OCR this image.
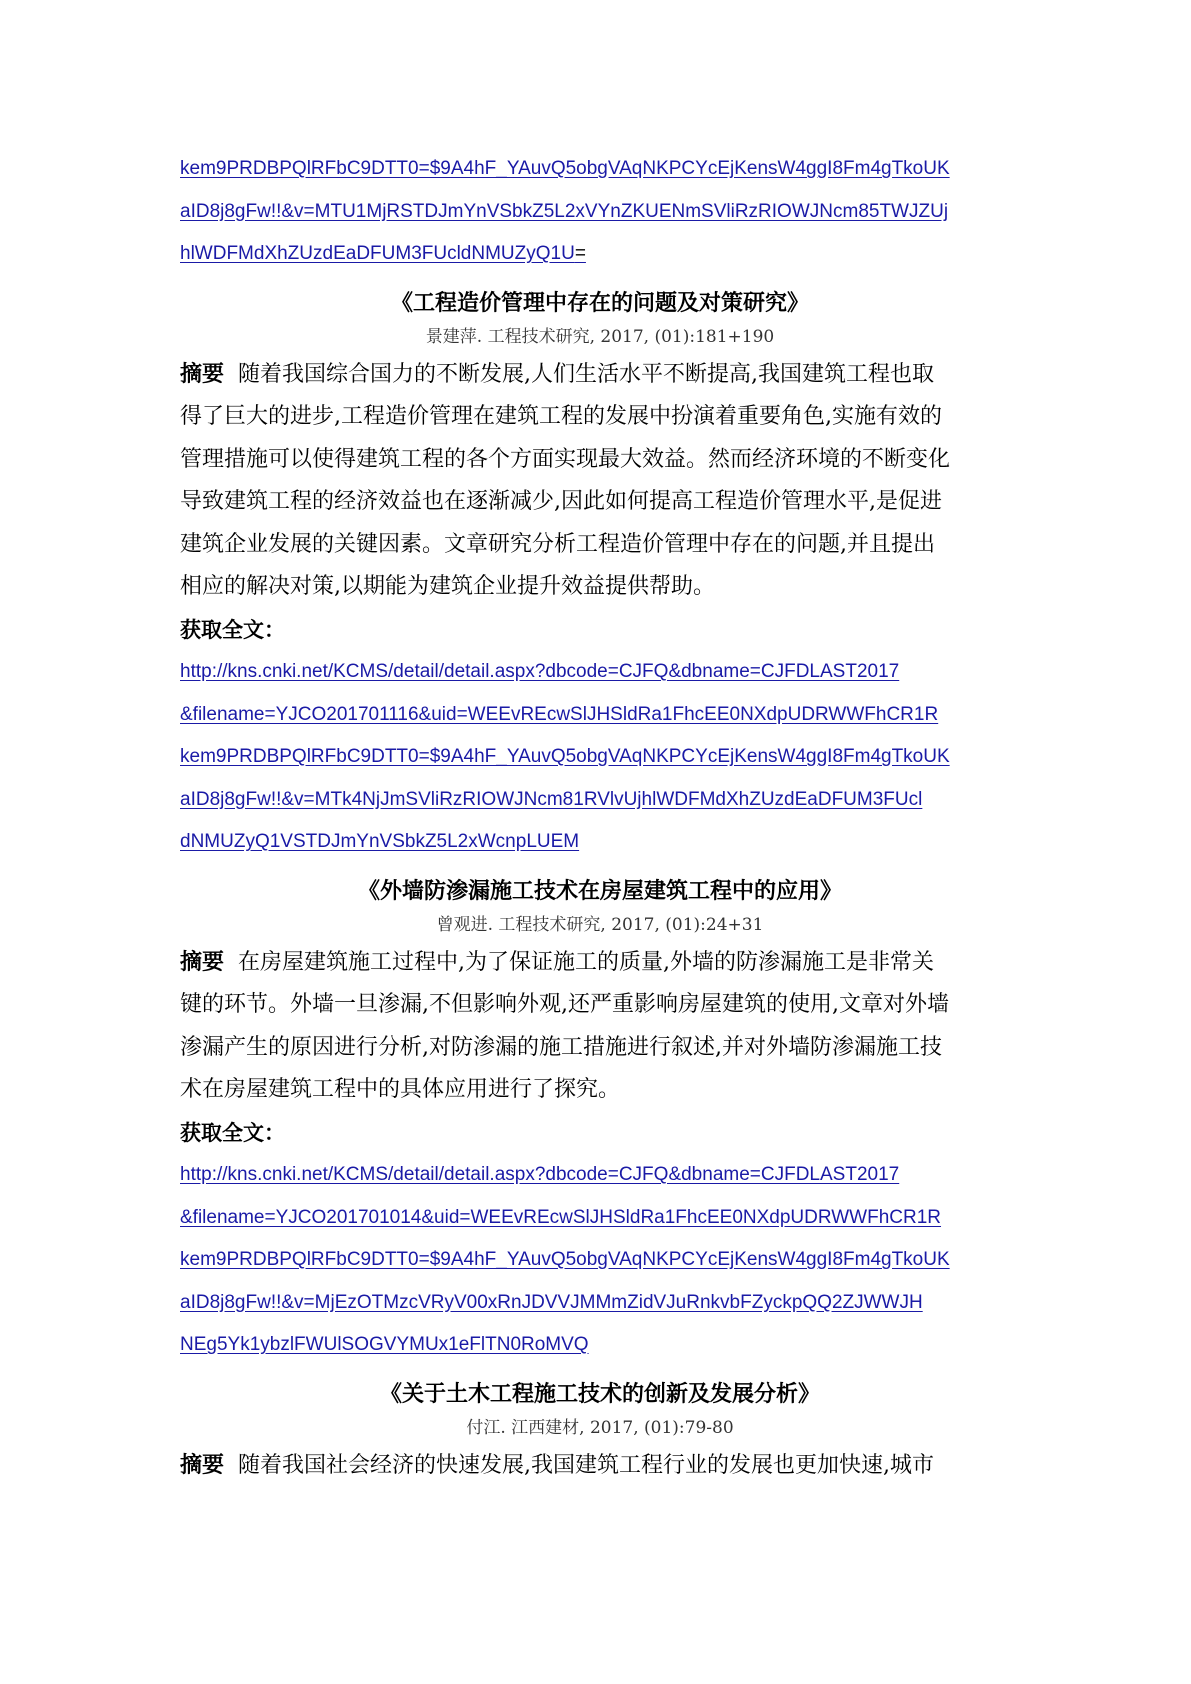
kem9PRDBPQlRFbC9DTT0=$9A4hF_YAuvQ5obgVAqNKPCYcEjKensW4ggI8Fm4gTkoUK
aID8j8gFw!!&v=MTU1MjRSTDJmYnVSbkZ5L2xVYnZKUENmSVliRzRIOWJNcm85TWJZUj
hlWDFMdXhZUzdEaDFUM3FUcldNMUZyQ1U=
《工程造价管理中存在的问题及对策研究》
景建萍. 工程技术研究, 2017, (01):181+190
摘要 随着我国综合国力的不断发展,人们生活水平不断提高,我国建筑工程也取
得了巨大的进步,工程造价管理在建筑工程的发展中扮演着重要角色,实施有效的
管理措施可以使得建筑工程的各个方面实现最大效益。然而经济环境的不断变化
导致建筑工程的经济效益也在逐渐减少,因此如何提高工程造价管理水平,是促进
建筑企业发展的关键因素。文章研究分析工程造价管理中存在的问题,并且提出
相应的解决对策,以期能为建筑企业提升效益提供帮助。
获取全文：
http://kns.cnki.net/KCMS/detail/detail.aspx?dbcode=CJFQ&dbname=CJFDLAST2017
&filename=YJCO201701116&uid=WEEvREcwSlJHSldRa1FhcEE0NXdpUDRWWFhCR1R
kem9PRDBPQlRFbC9DTT0=$9A4hF_YAuvQ5obgVAqNKPCYcEjKensW4ggI8Fm4gTkoUK
aID8j8gFw!!&v=MTk4NjJmSVliRzRIOWJNcm81RVlvUjhlWDFMdXhZUzdEaDFUM3FUcl
dNMUZyQ1VSTDJmYnVSbkZ5L2xWcnpLUEM
《外墙防渗漏施工技术在房屋建筑工程中的应用》
曾观进. 工程技术研究, 2017, (01):24+31
摘要 在房屋建筑施工过程中,为了保证施工的质量,外墙的防渗漏施工是非常关
键的环节。外墙一旦渗漏,不但影响外观,还严重影响房屋建筑的使用,文章对外墙
渗漏产生的原因进行分析,对防渗漏的施工措施进行叙述,并对外墙防渗漏施工技
术在房屋建筑工程中的具体应用进行了探究。
获取全文：
http://kns.cnki.net/KCMS/detail/detail.aspx?dbcode=CJFQ&dbname=CJFDLAST2017
&filename=YJCO201701014&uid=WEEvREcwSlJHSldRa1FhcEE0NXdpUDRWWFhCR1R
kem9PRDBPQlRFbC9DTT0=$9A4hF_YAuvQ5obgVAqNKPCYcEjKensW4ggI8Fm4gTkoUK
aID8j8gFw!!&v=MjEzOTMzcVRyV00xRnJDVVJMMmZidVJuRnkvbFZyckpQQ2ZJWWJH
NEg5Yk1ybzlFWUlSOGVYMUx1eFlTN0RoMVQ
《关于土木工程施工技术的创新及发展分析》
付江. 江西建材, 2017, (01):79-80
摘要 随着我国社会经济的快速发展,我国建筑工程行业的发展也更加快速,城市
